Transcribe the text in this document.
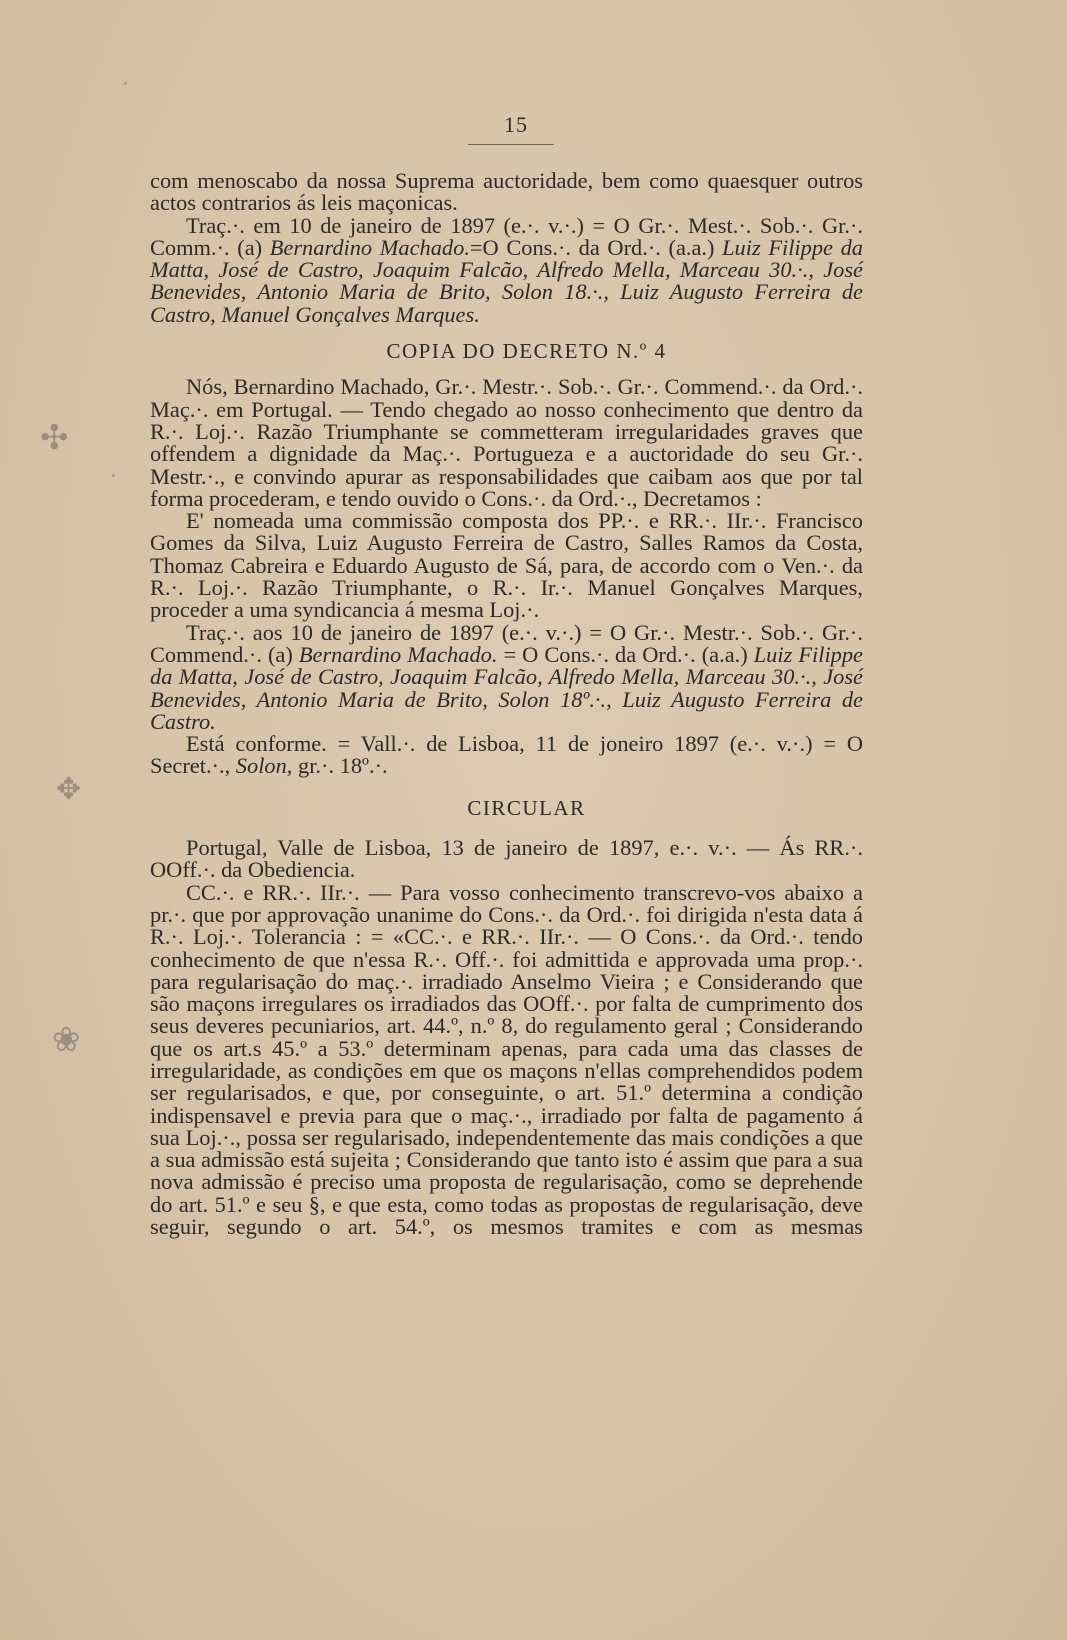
15
✣
✥
❀

com menoscabo da nossa Suprema auctoridade, bem como quaesquer outros actos contrarios ás leis maçonicas.

Traç.·. em 10 de janeiro de 1897 (e.·. v.·.) = O Gr.·. Mest.·. Sob.·. Gr.·. Comm.·. (a) Bernardino Machado.=O Cons.·. da Ord.·. (a.a.) Luiz Filippe da Matta, José de Castro, Joaquim Falcão, Alfredo Mella, Marceau 30.·., José Benevides, Antonio Maria de Brito, Solon 18.·., Luiz Augusto Ferreira de Castro, Manuel Gonçalves Marques.

COPIA DO DECRETO N.º 4

Nós, Bernardino Machado, Gr.·. Mestr.·. Sob.·. Gr.·. Commend.·. da Ord.·. Maç.·. em Portugal. — Tendo chegado ao nosso conhecimento que dentro da R.·. Loj.·. Razão Triumphante se commetteram irregularidades graves que offendem a dignidade da Maç.·. Portugueza e a auctoridade do seu Gr.·. Mestr.·., e convindo apurar as responsabilidades que caibam aos que por tal forma procederam, e tendo ouvido o Cons.·. da Ord.·., Decretamos :

E' nomeada uma commissão composta dos PP.·. e RR.·. IIr.·. Francisco Gomes da Silva, Luiz Augusto Ferreira de Castro, Salles Ramos da Costa, Thomaz Cabreira e Eduardo Augusto de Sá, para, de accordo com o Ven.·. da R.·. Loj.·. Razão Triumphante, o R.·. Ir.·. Manuel Gonçalves Marques, proceder a uma syndicancia á mesma Loj.·.

Traç.·. aos 10 de janeiro de 1897 (e.·. v.·.) = O Gr.·. Mestr.·. Sob.·. Gr.·. Commend.·. (a) Bernardino Machado. = O Cons.·. da Ord.·. (a.a.) Luiz Filippe da Matta, José de Castro, Joaquim Falcão, Alfredo Mella, Marceau 30.·., José Benevides, Antonio Maria de Brito, Solon 18º.·., Luiz Augusto Ferreira de Castro.

Está conforme. = Vall.·. de Lisboa, 11 de joneiro 1897 (e.·. v.·.) = O Secret.·., Solon, gr.·. 18º.·.

CIRCULAR

Portugal, Valle de Lisboa, 13 de janeiro de 1897, e.·. v.·. — Ás RR.·. OOff.·. da Obediencia.

CC.·. e RR.·. IIr.·. — Para vosso conhecimento transcrevo-vos abaixo a pr.·. que por approvação unanime do Cons.·. da Ord.·. foi dirigida n'esta data á R.·. Loj.·. Tolerancia : = «CC.·. e RR.·. IIr.·. — O Cons.·. da Ord.·. tendo conhecimento de que n'essa R.·. Off.·. foi admittida e approvada uma prop.·. para regularisação do maç.·. irradiado Anselmo Vieira ; e Considerando que são maçons irregulares os irradiados das OOff.·. por falta de cumprimento dos seus deveres pecuniarios, art. 44.º, n.º 8, do regulamento geral ; Considerando que os art.s 45.º a 53.º determinam apenas, para cada uma das classes de irregularidade, as condições em que os maçons n'ellas comprehendidos podem ser regularisados, e que, por conseguinte, o art. 51.º determina a condição indispensavel e previa para que o maç.·., irradiado por falta de pagamento á sua Loj.·., possa ser regularisado, independentemente das mais condições a que a sua admissão está sujeita ; Considerando que tanto isto é assim que para a sua nova admissão é preciso uma proposta de regularisação, como se deprehende do art. 51.º e seu §, e que esta, como todas as propostas de regularisação, deve seguir, segundo o art. 54.º, os mesmos tramites e com as mesmas
